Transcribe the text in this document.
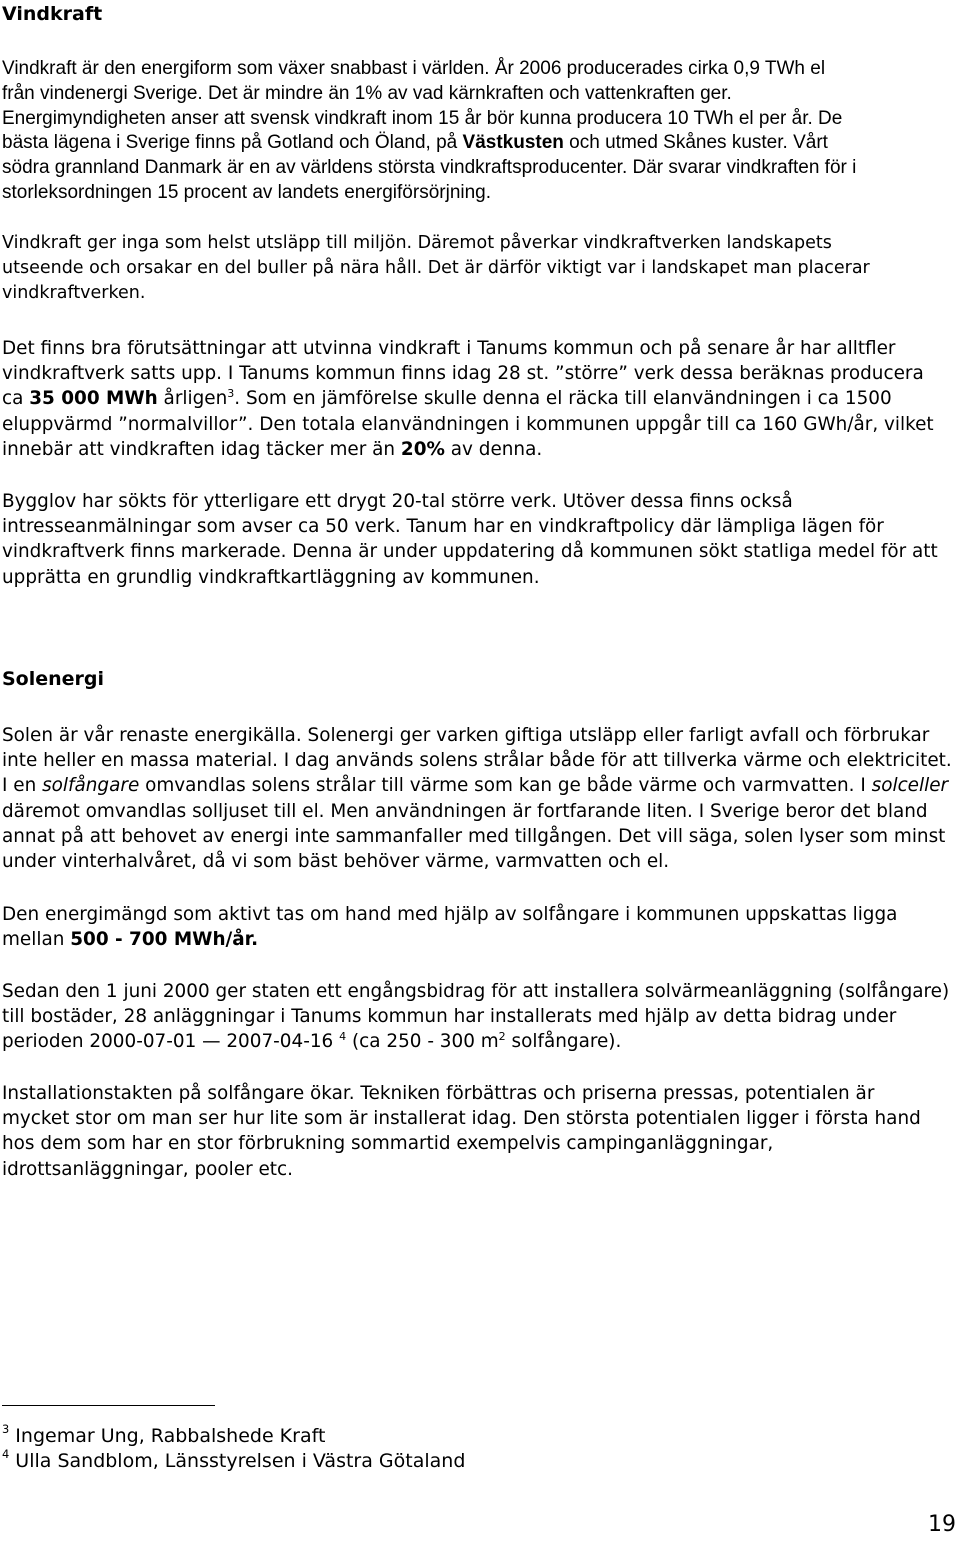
Vindkraft
Vindkraft är den energiform som växer snabbast i världen. År 2006 producerades cirka 0,9 TWh el
från vindenergi Sverige. Det är mindre än 1% av vad kärnkraften och vattenkraften ger.
Energimyndigheten anser att svensk vindkraft inom 15 år bör kunna producera 10 TWh el per år. De
bästa lägena i Sverige finns på Gotland och Öland, på Västkusten och utmed Skånes kuster. Vårt
södra grannland Danmark är en av världens största vindkraftsproducenter. Där svarar vindkraften för i
storleksordningen 15 procent av landets energiförsörjning.
Vindkraft ger inga som helst utsläpp till miljön. Däremot påverkar vindkraftverken landskapets
utseende och orsakar en del buller på nära håll. Det är därför viktigt var i landskapet man placerar
vindkraftverken.
Det finns bra förutsättningar att utvinna vindkraft i Tanums kommun och på senare år har alltfler
vindkraftverk satts upp. I Tanums kommun finns idag 28 st. ”större” verk dessa beräknas producera
ca 35 000 MWh årligen$^3$. Som en jämförelse skulle denna el räcka till elanvändningen i ca 1500
eluppvärmd ”normalvillor”. Den totala elanvändningen i kommunen uppgår till ca 160 GWh/år, vilket
innebär att vindkraften idag täcker mer än 20% av denna.
Bygglov har sökts för ytterligare ett drygt 20-tal större verk. Utöver dessa finns också
intresseanmälningar som avser ca 50 verk. Tanum har en vindkraftpolicy där lämpliga lägen för
vindkraftverk finns markerade. Denna är under uppdatering då kommunen sökt statliga medel för att
upprätta en grundlig vindkraftkartläggning av kommunen.
Solenergi
Solen är vår renaste energikälla. Solenergi ger varken giftiga utsläpp eller farligt avfall och förbrukar
inte heller en massa material. I dag används solens strålar både för att tillverka värme och elektricitet.
I en solfångare omvandlas solens strålar till värme som kan ge både värme och varmvatten. I solceller
däremot omvandlas solljuset till el. Men användningen är fortfarande liten. I Sverige beror det bland
annat på att behovet av energi inte sammanfaller med tillgången. Det vill säga, solen lyser som minst
under vinterhalvåret, då vi som bäst behöver värme, varmvatten och el.
Den energimängd som aktivt tas om hand med hjälp av solfångare i kommunen uppskattas ligga
mellan 500 - 700 MWh/år.
Sedan den 1 juni 2000 ger staten ett engångsbidrag för att installera solvärmeanläggning (solfångare)
till bostäder, 28 anläggningar i Tanums kommun har installerats med hjälp av detta bidrag under
perioden 2000-07-01 — 2007-04-16 $^4$ (ca 250 - 300 $m^2$ solfångare).
Installationstakten på solfångare ökar. Tekniken förbättras och priserna pressas, potentialen är
mycket stor om man ser hur lite som är installerat idag. Den största potentialen ligger i första hand
hos dem som har en stor förbrukning sommartid exempelvis campinganläggningar,
idrottsanläggningar, pooler etc.
$^3$ Ingemar Ung, Rabbalshede Kraft
$^4$ Ulla Sandblom, Länsstyrelsen i Västra Götaland
19
